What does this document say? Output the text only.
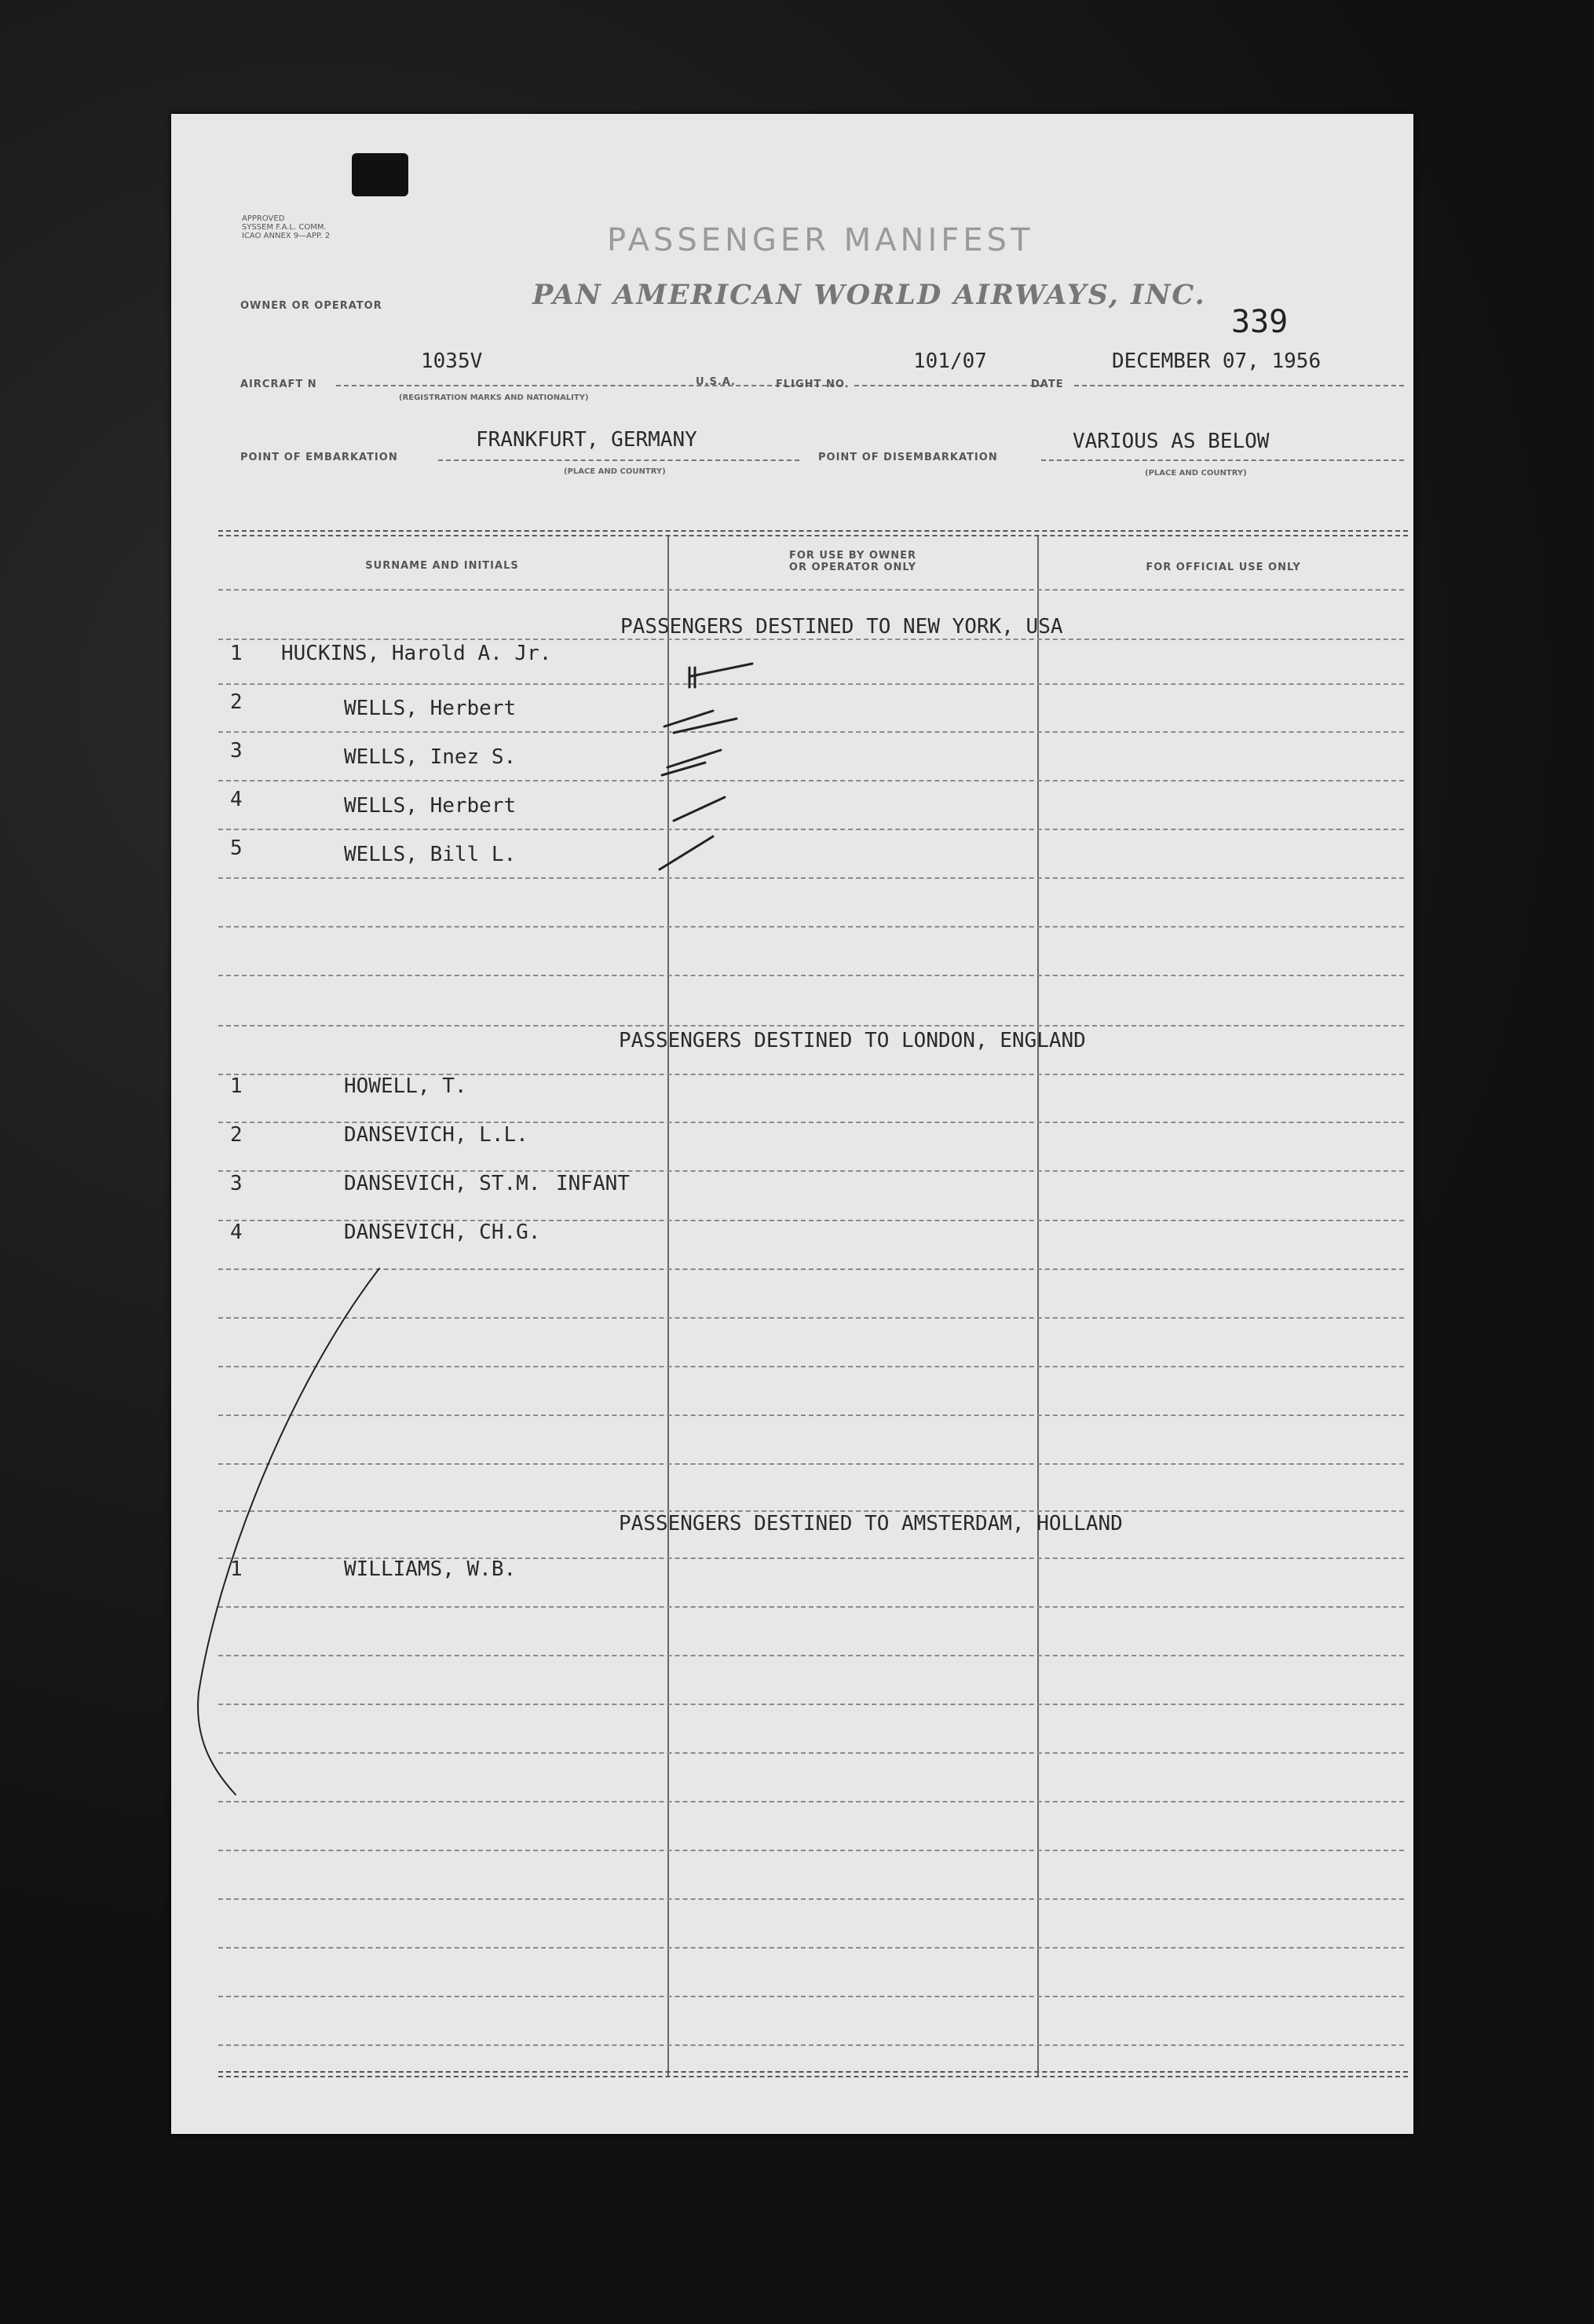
APPROVED
SYSSEM F.A.L. COMM.
ICAO ANNEX 9—APP. 2	PASSENGER MANIFEST
339
OWNER OR OPERATOR	PAN AMERICAN WORLD AIRWAYS, INC.
AIRCRAFT N
1035V
(REGISTRATION MARKS AND NATIONALITY)
U.S.A.	FLIGHT NO.
101/07
DATE
DECEMBER 07, 1956
POINT OF EMBARKATION
FRANKFURT, GERMANY
(PLACE AND COUNTRY)
POINT OF DISEMBARKATION
VARIOUS AS BELOW
(PLACE AND COUNTRY)
SURNAME AND INITIALS
FOR USE BY OWNER
OR OPERATOR ONLY	FOR OFFICIAL USE ONLY
PASSENGERS DESTINED TO NEW YORK, USA
1 HUCKINS, Harold A. Jr.
2	WELLS, Herbert
3	WELLS, Inez S.
4	WELLS, Herbert
5	WELLS, Bill L.
PASSENGERS DESTINED TO LONDON, ENGLAND
1	HOWELL, T.
2	DANSEVICH, L.L.
3	DANSEVICH, ST.M. INFANT
4	DANSEVICH, CH.G.
PASSENGERS DESTINED TO AMSTERDAM, HOLLAND
1	WILLIAMS, W.B.
